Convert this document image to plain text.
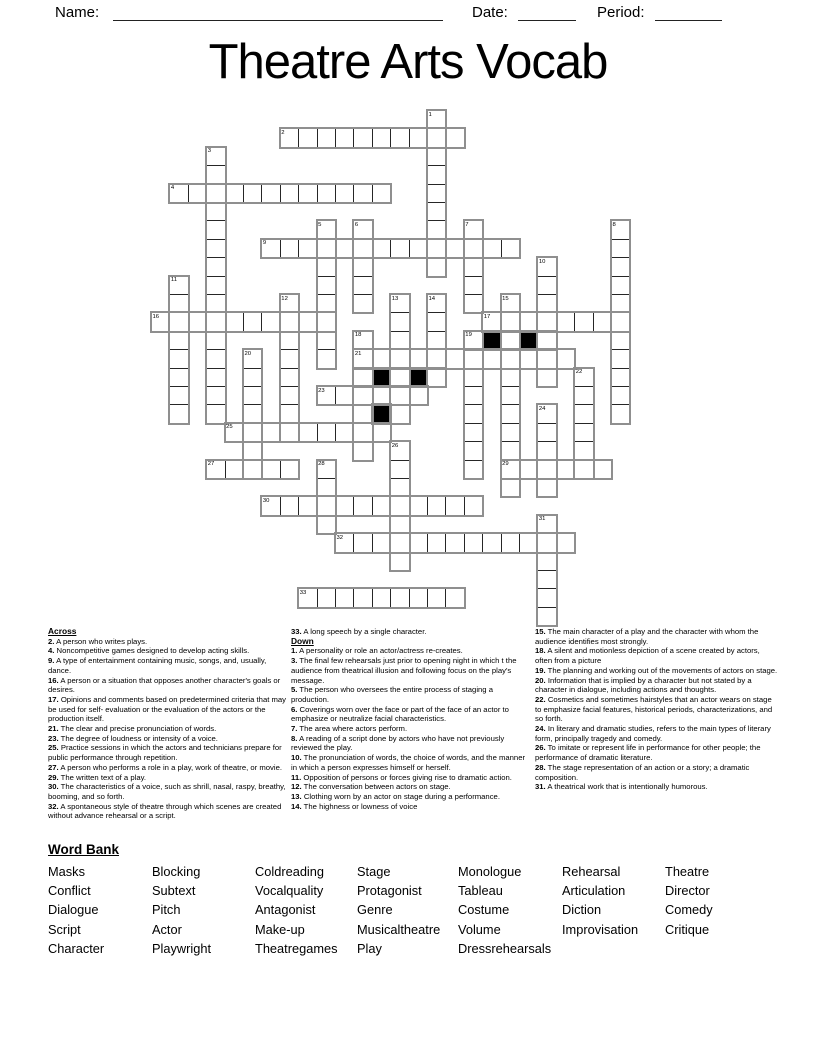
Name:	Date:	Period:
Theatre Arts Vocab
1
2
3
4
5	6	7	8
9
10
11
12	13	14	15
16	17
18	19
20	21
22
23
24
25
26
27	28	29
30
31
32
33
Across
2. A person who writes plays.
4. Noncompetitive games designed to develop acting skills.
9. A type of entertainment containing music, songs, and, usually, dance.
16. A person or a situation that opposes another character's goals or desires.
17. Opinions and comments based on predetermined criteria that may be used for self- evaluation or the evaluation of the actors or the production itself.
21. The clear and precise pronunciation of words.
23. The degree of loudness or intensity of a voice.
25. Practice sessions in which the actors and technicians prepare for public performance through repetition.
27. A person who performs a role in a play, work of theatre, or movie.
29. The written text of a play.
30. The characteristics of a voice, such as shrill, nasal, raspy, breathy, booming, and so forth.
32. A spontaneous style of theatre through which scenes are created without advance rehearsal or a script.
33. A long speech by a single character.
Down
1. A personality or role an actor/actress re-creates.
3. The final few rehearsals just prior to opening night in which t the audience from theatrical illusion and following focus on the play's message.
5. The person who oversees the entire process of staging a production.
6. Coverings worn over the face or part of the face of an actor to emphasize or neutralize facial characteristics.
7. The area where actors perform.
8. A reading of a script done by actors who have not previously reviewed the play.
10. The pronunciation of words, the choice of words, and the manner in which a person expresses himself or herself.
11. Opposition of persons or forces giving rise to dramatic action.
12. The conversation between actors on stage.
13. Clothing worn by an actor on stage during a performance.
14. The highness or lowness of voice
15. The main character of a play and the character with whom the audience identifies most strongly.
18. A silent and motionless depiction of a scene created by actors, often from a picture
19. The planning and working out of the movements of actors on stage.
20. Information that is implied by a character but not stated by a character in dialogue, including actions and thoughts.
22. Cosmetics and sometimes hairstyles that an actor wears on stage to emphasize facial features, historical periods, characterizations, and so forth.
24. In literary and dramatic studies, refers to the main types of literary form, principally tragedy and comedy.
26. To imitate or represent life in performance for other people; the performance of dramatic literature.
28. The stage representation of an action or a story; a dramatic composition.
31. A theatrical work that is intentionally humorous.
Word Bank
Masks
Conflict
Dialogue
Script
Character
Blocking
Subtext
Pitch
Actor
Playwright
Coldreading
Vocalquality
Antagonist
Make-up
Theatregames
Stage
Protagonist
Genre
Musicaltheatre
Play
Monologue
Tableau
Costume
Volume
Dressrehearsals
Rehearsal
Articulation
Diction
Improvisation
Theatre
Director
Comedy
Critique
